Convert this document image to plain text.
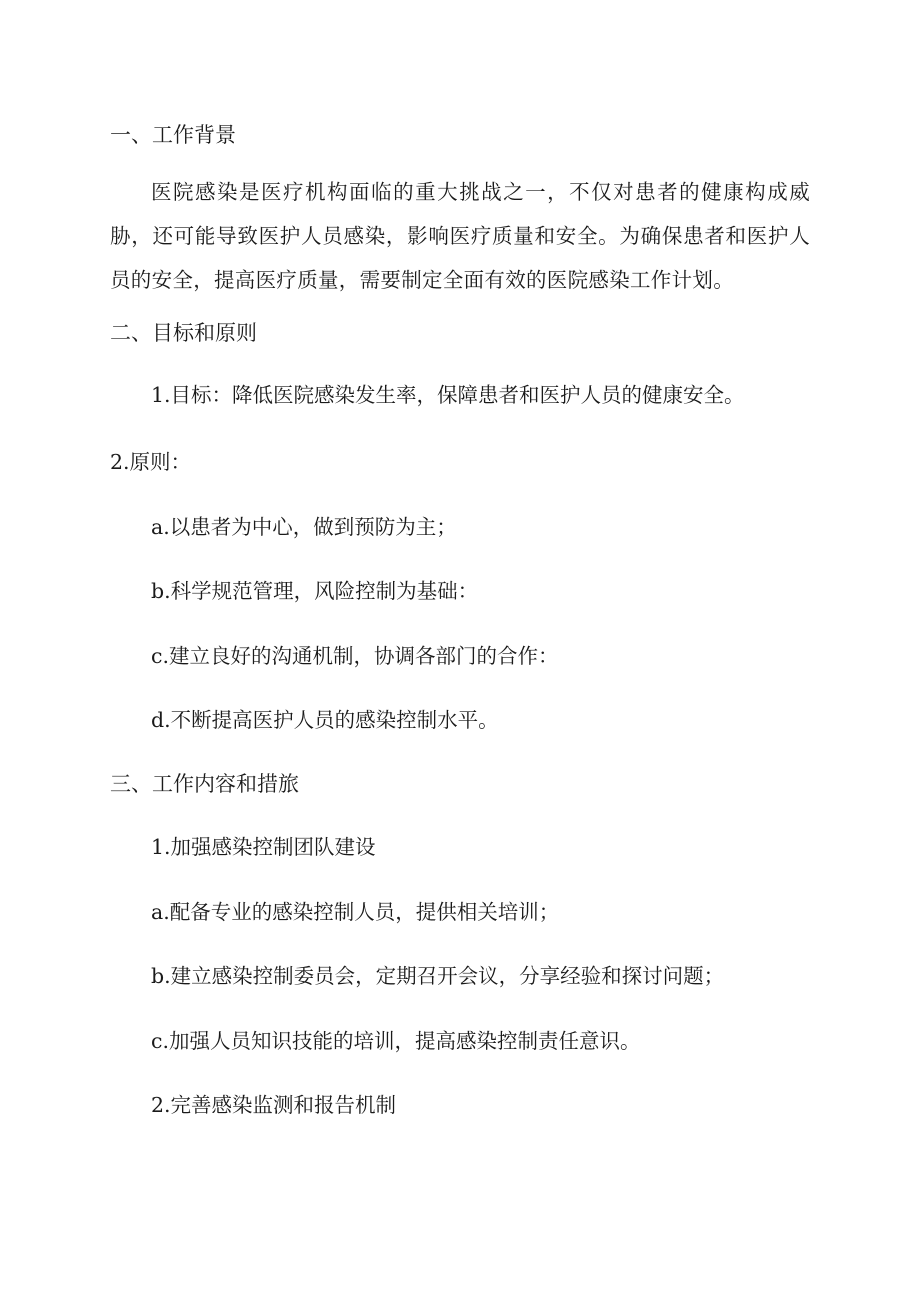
一、工作背景

医院感染是医疗机构面临的重大挑战之一，不仅对患者的健康构成威胁，还可能导致医护人员感染，影响医疗质量和安全。为确保患者和医护人员的安全，提高医疗质量，需要制定全面有效的医院感染工作计划。

二、目标和原则

1.目标：降低医院感染发生率，保障患者和医护人员的健康安全。

2.原则：

a.以患者为中心，做到预防为主；

b.科学规范管理，风险控制为基础：

c.建立良好的沟通机制，协调各部门的合作：

d.不断提高医护人员的感染控制水平。

三、工作内容和措旅

1.加强感染控制团队建设

a.配备专业的感染控制人员，提供相关培训；

b.建立感染控制委员会，定期召开会议，分享经验和探讨问题；

c.加强人员知识技能的培训，提高感染控制责任意识。

2.完善感染监测和报告机制
